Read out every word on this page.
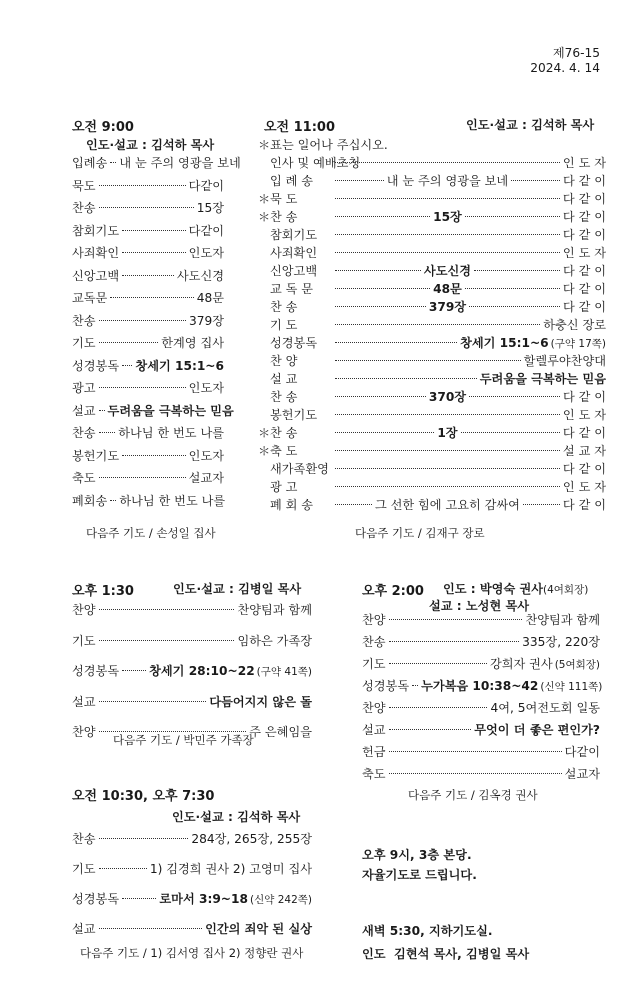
제76-15
2024. 4. 14
오전 9:00
인도·설교 : 김석하 목사
입례송 내 눈 주의 영광을 보네
묵도	다같이
찬송	15장
참회기도	다같이
사죄확인	인도자
신앙고백	사도신경
교독문	48문
찬송	379장
기도	한계영 집사
성경봉독 창세기 15:1~6
광고	인도자
설교 두려움을 극복하는 믿음
찬송 하나님 한 번도 나를
봉헌기도	인도자
축도	설교자
폐회송 하나님 한 번도 나를
다음주 기도 / 손성일 집사
오전 11:00	인도·설교 : 김석하 목사
＊표는 일어나 주십시오.
인사 및 예배초청	인 도 자
입 례 송	내 눈 주의 영광을 보네	다 같 이
＊ 묵 도	다 같 이
＊ 찬 송	15장	다 같 이
참회기도	다 같 이
사죄확인	인 도 자
신앙고백	사도신경	다 같 이
교 독 문	48문	다 같 이
찬 송	379장	다 같 이
기 도	하충신 장로
성경봉독	창세기 15:1~6 (구약 17쪽)
찬 양	할렐루야찬양대
설 교	두려움을 극복하는 믿음
찬 송	370장	다 같 이
봉헌기도	인 도 자
＊ 찬 송	1장	다 같 이
＊ 축 도	설 교 자
새가족환영	다 같 이
광 고	인 도 자
폐 회 송	그 선한 힘에 고요히 감싸여	다 같 이
다음주 기도 / 김재구 장로
오후 1:30	인도·설교 : 김병일 목사
찬양	찬양팀과 함께
기도	임하은 가족장
성경봉독 창세기 28:10~22 (구약 41쪽)
설교	다듬어지지 않은 돌
찬양	주 은혜임을
다음주 기도 / 박민주 가족장
오후 2:00 인도 : 박영숙 권사(4여회장)
설교 : 노성현 목사
찬양	찬양팀과 함께
찬송	335장, 220장
기도	강희자 권사 (5여회장)
성경봉독 누가복음 10:38~42 (신약 111쪽)
찬양	4여, 5여전도회 일동
설교	무엇이 더 좋은 편인가?
헌금	다같이
축도	설교자
다음주 기도 / 김옥경 권사
오전 10:30, 오후 7:30
인도·설교 : 김석하 목사
찬송	284장, 265장, 255장
기도	1) 김경희 권사 2) 고영미 집사
성경봉독	로마서 3:9~18 (신약 242쪽)
설교	인간의 죄악 된 실상
다음주 기도 / 1) 김서영 집사 2) 정향란 권사
오후 9시, 3층 본당.
자율기도로 드립니다.
새벽 5:30, 지하기도실.
인도 김현석 목사, 김병일 목사
